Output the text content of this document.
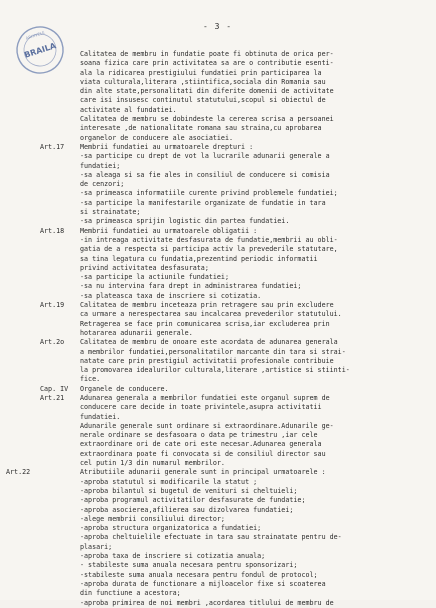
- 3 -
ARHIVELE
BRAILA	Calitatea de membru in fundatie poate fi obtinuta de orica per-
soana fizica care prin activitatea sa are o contributie esenti-
ala la ridicarea prestigiului fundatiei prin participarea la
viata culturala,literara ,stiintifica,sociala din Romania sau
din alte state,personalitati din diferite domenii de activitate
care isi insusesc continutul statutului,scopul si obiectul de
activitate al fundatiei.
Calitatea de membru se dobindeste la cererea scrisa a persoanei
interesate ,de nationalitate romana sau straina,cu aprobarea
organelor de conducere ale asociatiei.
Art.17	Membrii fundatiei au urmatoarele drepturi :
-sa participe cu drept de vot la lucrarile adunarii generale a
fundatiei;
-sa aleaga si sa fie ales in consiliul de conducere si comisia
de cenzori;
-sa primeasca informatiile curente privind problemele fundatiei;
-sa participe la manifestarile organizate de fundatie in tara
si strainatate;
-sa primeasca sprijin logistic din partea fundatiei.
Art.18	Membrii fundatiei au urmatoarele obligatii :
-in intreaga activitate desfasurata de fundatie,membrii au obli-
gatia de a respecta si participa activ la prevederile statutare,
sa tina legatura cu fundatia,prezentind periodic informatii
privind activitatea desfasurata;
-sa participe la actiunile fundatiei;
-sa nu intervina fara drept in administrarea fundatiei;
-sa plateasca taxa de inscriere si cotizatia.
Art.19	Calitatea de membru inceteaza prin retragere sau prin excludere
ca urmare a nerespectarea sau incalcarea prevederilor statutului.
Retragerea se face prin comunicarea scrisa,iar excluderea prin
hotararea adunarii generale.
Art.2o	Calitatea de membru de onoare este acordata de adunarea generala
a membrilor fundatiei,personalitatilor marcante din tara si strai-
natate care prin prestigiul activitatii profesionale contribuie
la promovarea idealurilor culturala,literare ,artistice si stiinti-
fice.
Cap. IV	Organele de conducere.
Art.21	Adunarea generala a membrilor fundatiei este organul suprem de
conducere care decide in toate privintele,asupra activitatii
fundatiei.
Adunarile generale sunt ordinare si extraordinare.Adunarile ge-
nerale ordinare se desfasoara o data pe trimestru ,iar cele
extraordinare ori de cate ori este necesar.Adunarea generala
extraordinara poate fi convocata si de consiliul director sau
cel putin 1/3 din numarul membrilor.
Art.22	Atributiile adunarii generale sunt in principal urmatoarele :
-aproba statutul si modificarile la statut ;
-aproba bilantul si bugetul de venituri si cheltuieli;
-aproba programul activitatilor desfasurate de fundatie;
-aproba asocierea,afilierea sau dizolvarea fundatiei;
-alege membrii consiliului director;
-aproba structura organizatorica a fundatiei;
-aproba cheltuielile efectuate in tara sau strainatate pentru de-
plasari;
-aproba taxa de inscriere si cotizatia anuala;
- stabileste suma anuala necesara pentru sponsorizari;
-stabileste suma anuala necesara pentru fondul de protocol;
-aproba durata de functionare a mijloacelor fixe si scoaterea
din functiune a acestora;
-aproba primirea de noi membri ,acordarea titlului de membru de
